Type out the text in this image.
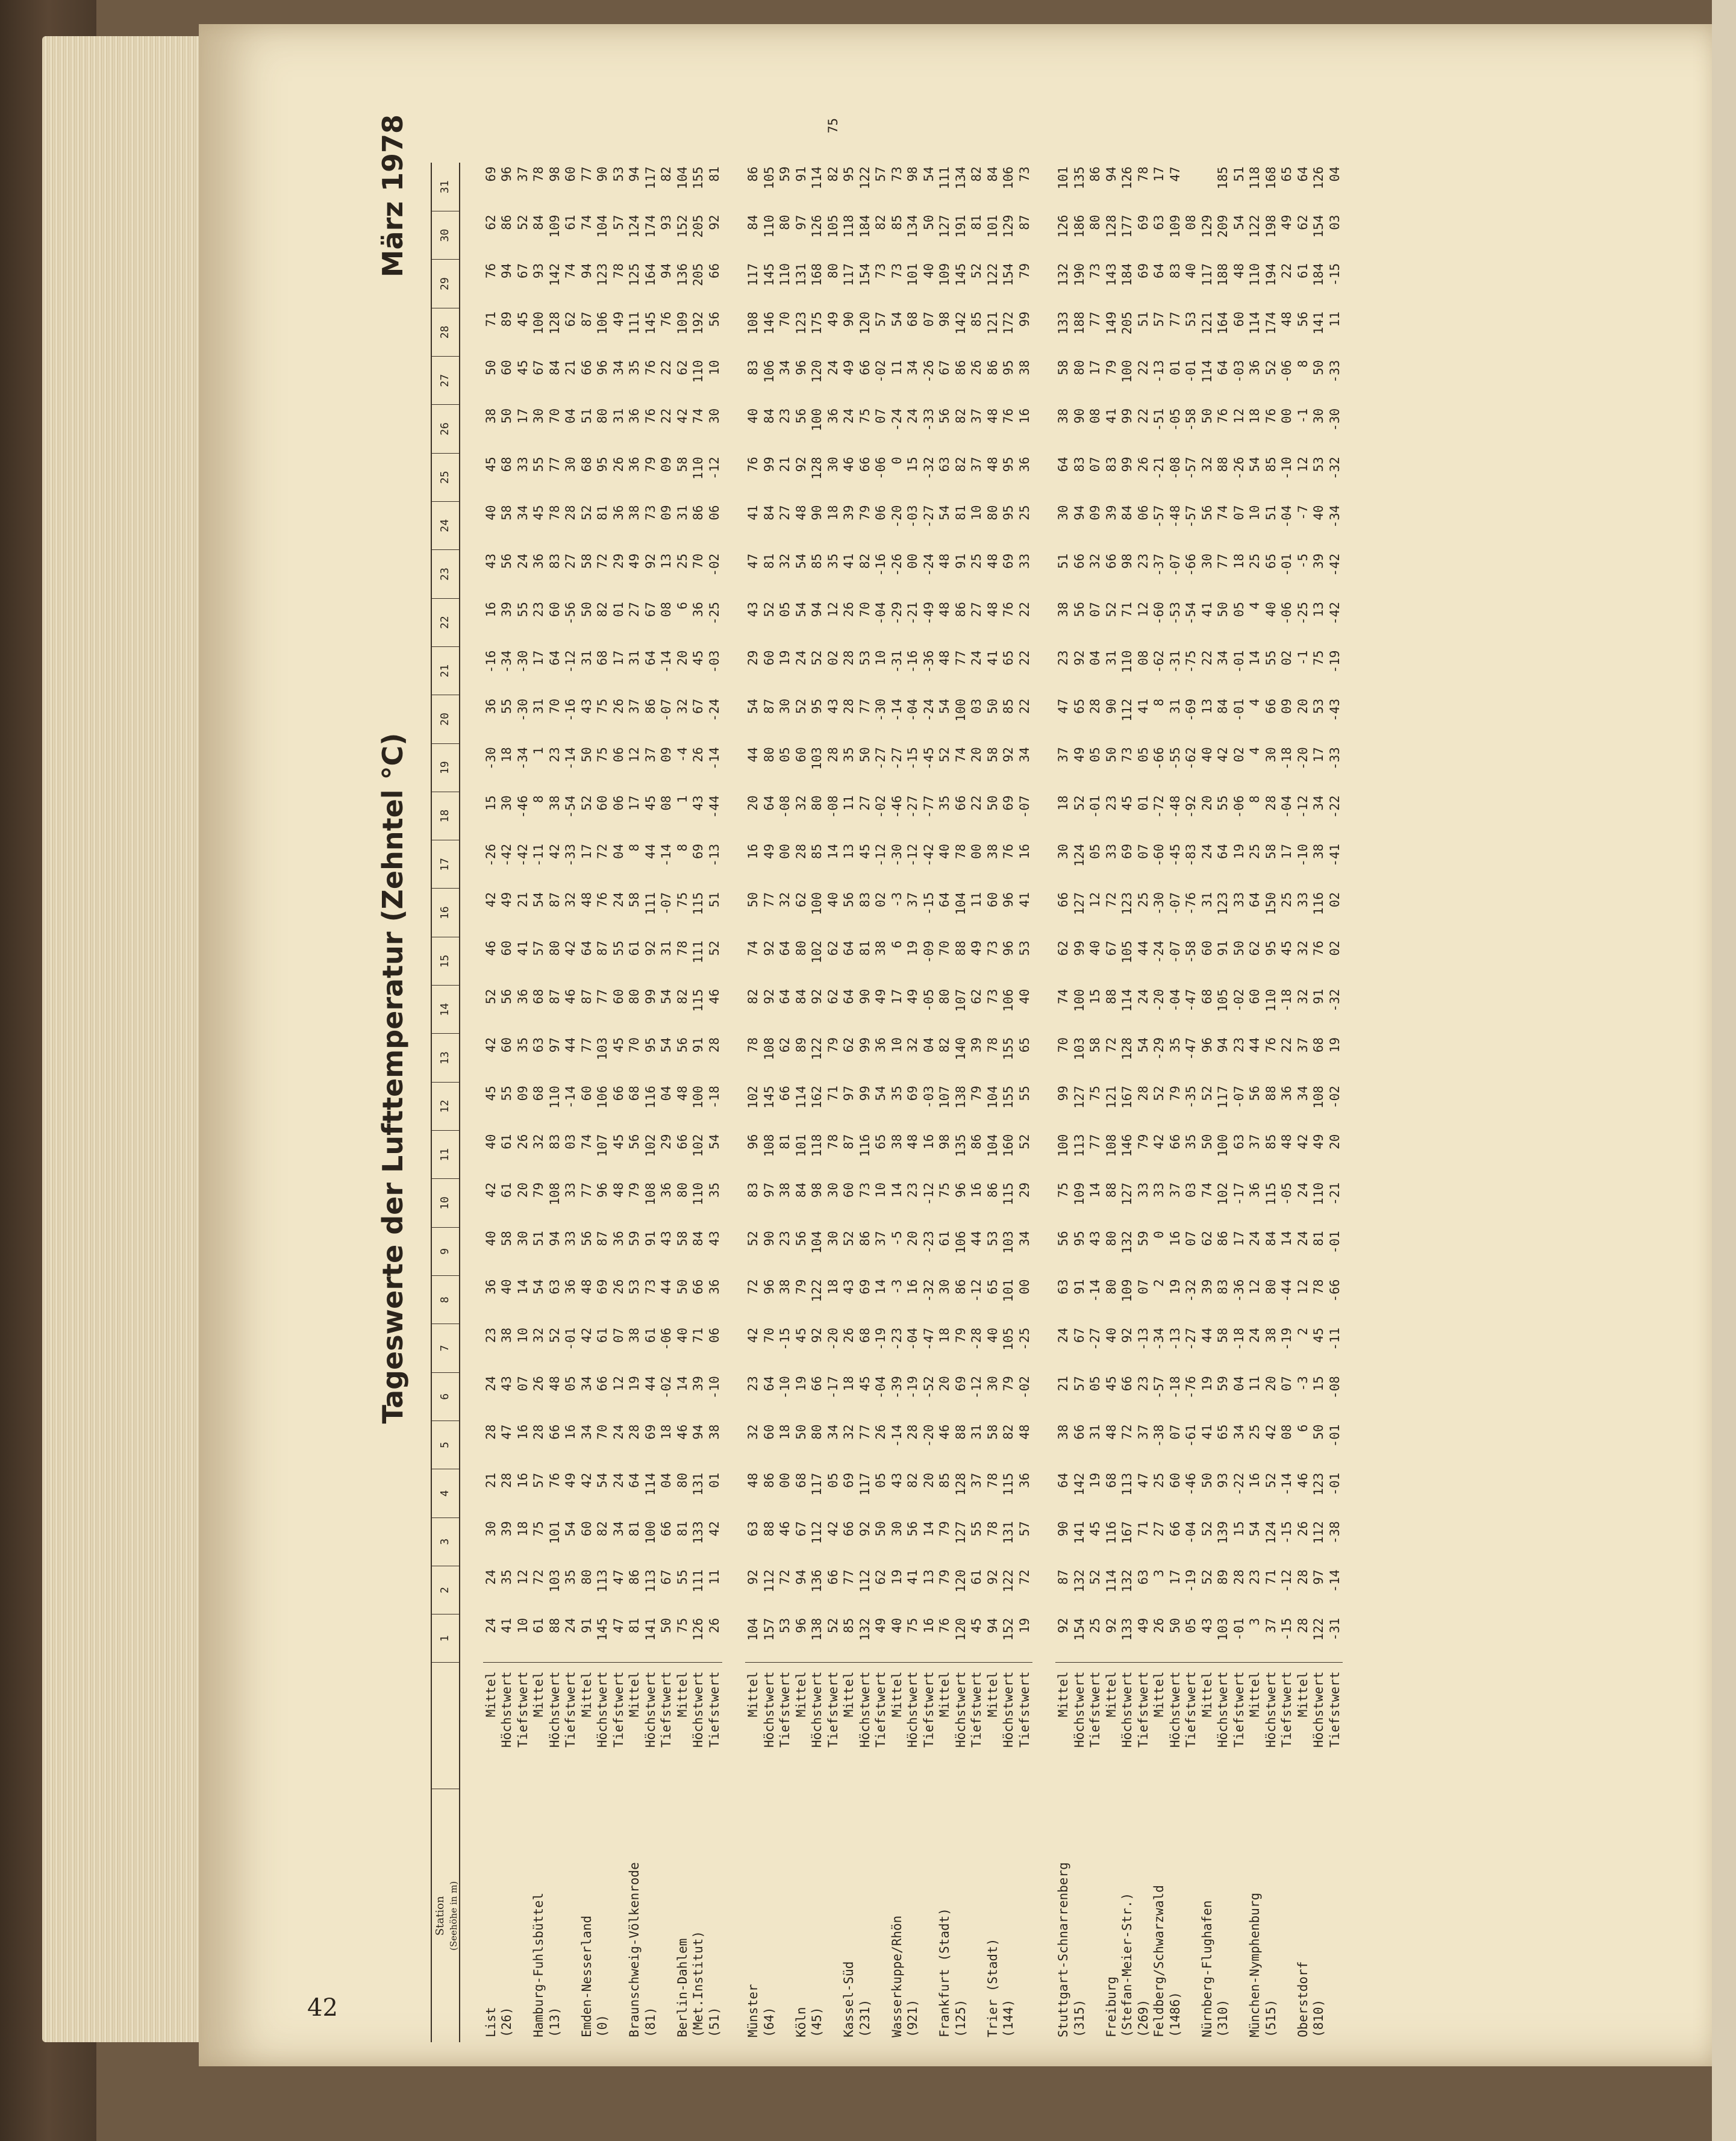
42
Tageswerte der Lufttemperatur (Zehntel °C)
März 1978
Station (Seehöhe in m)		1	2	3	4	5	6	7	8	9	10	11	12	13	14	15	16	17	18	19	20	21	22	23	24	25	26	27	28	29	30	31	

List	Mittel	24	24	30	21	28	24	23	36	40	42	40	45	42	52	46	42	-26	15	-30	36	-16	16	43	40	45	38	50	71	76	62	69	
(26)	Höchstwert	41	35	39	28	47	43	38	40	58	61	61	55	60	56	60	49	-42	30	18	55	-34	39	56	58	68	50	60	89	94	86	96	
	Tiefstwert	10	12	18	16	16	07	10	14	30	20	26	09	35	36	41	21	-42	-46	-34	-30	-30	55	24	34	33	17	45	45	67	52	37	
Hamburg-Fuhlsbüttel	Mittel	61	72	75	57	28	26	32	54	51	79	32	68	63	68	57	54	-11	8	1	31	17	23	36	45	55	30	67	100	93	84	78	
(13)	Höchstwert	88	103	101	76	66	48	52	63	94	108	83	110	97	87	80	87	42	38	23	70	64	60	83	78	77	70	84	128	142	109	98	
	Tiefstwert	24	35	54	49	16	05	-01	36	33	33	03	-14	44	46	42	32	-33	-54	-14	-16	-12	-56	27	28	30	04	21	62	74	61	60	
Emden-Nesserland	Mittel	91	80	60	42	34	34	42	48	56	77	74	60	77	87	64	48	17	52	50	43	31	50	58	52	68	51	66	87	94	74	77	
(0)	Höchstwert	145	113	82	54	70	66	61	69	87	96	107	106	103	77	87	76	72	60	75	75	68	82	72	81	95	80	96	106	123	104	90	
	Tiefstwert	47	47	34	24	24	12	07	26	36	48	45	66	45	60	55	24	04	06	06	26	17	01	29	36	26	31	34	49	78	57	53	
Braunschweig-Völkenrode	Mittel	81	86	81	64	28	19	38	53	59	79	56	68	70	80	61	58	8	17	12	37	31	27	49	38	36	36	35	111	125	124	94	
(81)	Höchstwert	141	113	100	114	69	44	61	73	91	108	102	116	95	99	92	111	44	45	37	86	64	67	92	73	79	76	76	145	164	174	117	
	Tiefstwert	50	67	66	04	18	-02	-06	44	43	36	29	04	54	54	31	-07	-14	08	09	-07	-14	08	13	09	09	22	22	76	94	93	82	
Berlin-Dahlem	Mittel	75	55	81	80	46	14	40	50	58	80	66	48	56	82	78	75	8	1	-4	32	20	6	25	31	58	42	62	109	136	152	104	
(Met.Institut)	Höchstwert	126	111	133	131	94	39	71	66	84	110	102	100	91	115	111	115	69	43	26	67	45	36	70	86	110	74	110	192	205	205	155	
(51)	Tiefstwert	26	11	42	01	38	-10	06	36	43	35	54	-18	28	46	52	51	-13	-44	-14	-24	-03	-25	-02	06	-12	30	10	56	66	92	81	

Münster	Mittel	104	92	63	48	32	23	42	72	52	83	96	102	78	82	74	50	16	20	44	54	29	43	47	41	76	40	83	108	117	84	86	
(64)	Höchstwert	157	112	88	86	60	64	70	96	90	97	108	145	108	92	92	77	49	64	80	87	60	52	81	84	99	84	106	146	145	110	105	
	Tiefstwert	53	72	46	00	18	-10	-15	38	23	38	81	66	62	64	64	32	00	-08	05	30	19	05	32	27	21	23	34	70	110	80	59	
Köln	Mittel	96	94	67	68	50	19	45	79	56	84	101	114	89	84	80	62	28	32	60	52	24	54	54	48	92	56	96	123	131	97	91	
(45)	Höchstwert	138	136	112	117	80	66	92	122	104	98	118	162	122	92	102	100	85	80	103	95	52	94	85	90	128	100	120	175	168	126	114	
	Tiefstwert	52	66	42	05	34	-17	-20	18	30	30	78	71	79	62	62	40	14	-08	28	43	02	12	35	18	30	36	24	49	80	105	82	75
Kassel-Süd	Mittel	85	77	66	69	32	18	26	43	52	60	87	97	62	64	64	56	13	11	35	28	28	26	41	39	46	24	49	90	117	118	95	
(231)	Höchstwert	132	112	92	117	77	45	68	69	86	73	116	99	99	90	81	83	45	27	50	77	53	70	82	79	66	75	66	120	154	184	122	
	Tiefstwert	49	62	50	05	26	-04	-19	14	37	10	65	54	36	49	38	02	-12	-02	-27	-30	10	-04	-16	06	-06	07	-02	57	73	82	57	
Wasserkuppe/Rhön	Mittel	40	19	30	43	-14	-39	-23	-3	-5	14	38	35	10	17	6	-3	-30	-46	-27	-14	-31	-29	-26	-20	0	-24	11	54	73	85	73	
(921)	Höchstwert	75	41	56	82	28	-19	-04	16	20	23	48	69	32	49	19	37	-12	-27	-15	-04	-16	-21	00	-03	15	24	34	68	101	134	98	
	Tiefstwert	16	13	14	20	-20	-52	-47	-32	-23	-12	16	-03	04	-05	-09	-15	-42	-77	-45	-24	-36	-49	-24	-27	-32	-33	-26	07	40	50	54	
Frankfurt (Stadt)	Mittel	76	79	79	85	46	20	18	30	61	75	98	107	82	80	70	64	40	35	52	54	48	48	48	54	63	56	67	98	109	127	111	
(125)	Höchstwert	120	120	127	128	88	69	79	86	106	96	135	138	140	107	88	104	78	66	74	100	77	86	91	81	82	82	86	142	145	191	134	
	Tiefstwert	45	61	55	37	31	-12	-28	-12	44	16	86	79	39	62	49	11	00	22	20	03	24	27	25	10	37	37	26	85	52	81	82	
Trier (Stadt)	Mittel	94	92	78	78	58	30	40	65	53	86	104	104	78	73	73	60	38	50	58	50	41	48	48	80	48	48	86	121	122	101	84	
(144)	Höchstwert	152	122	131	115	82	79	105	101	103	115	160	155	155	106	96	96	76	69	92	85	65	76	69	95	95	76	95	172	154	129	106	
	Tiefstwert	19	72	57	36	48	-02	-25	00	34	29	52	55	65	40	53	41	16	-07	34	22	22	22	33	25	36	16	38	99	79	87	73	

Stuttgart-Schnarrenberg	Mittel	92	87	90	64	38	21	24	63	56	75	100	99	70	74	62	66	30	18	37	47	23	38	51	30	64	38	58	133	132	126	101	
(315)	Höchstwert	154	132	141	142	66	57	67	91	95	109	113	127	103	100	99	127	124	52	49	65	92	56	66	94	83	90	80	188	190	186	135	
	Tiefstwert	25	52	45	19	31	05	-27	-14	43	14	77	75	58	15	40	12	05	-01	05	28	04	07	32	09	07	08	17	77	73	80	86	
Freiburg	Mittel	92	114	116	68	48	45	40	80	80	88	108	121	72	88	67	72	33	23	50	90	31	52	66	39	83	41	79	149	143	128	94	
(Stefan-Meier-Str.)	Höchstwert	133	132	167	113	72	66	92	109	132	127	146	167	128	114	105	123	69	45	73	112	110	71	98	84	99	99	100	205	184	177	126	
(269)	Tiefstwert	49	63	71	47	37	23	-13	07	59	33	79	28	54	24	44	25	07	01	05	41	08	12	23	06	26	22	22	51	69	69	78	
Feldberg/Schwarzwald	Mittel	26	3	27	25	-38	-57	-34	2	0	33	42	52	-29	-20	-24	-30	-60	-72	-66	8	-62	-60	-37	-57	-21	-51	-13	57	64	63	17	
(1486)	Höchstwert	50	17	66	60	07	-18	-13	19	16	37	66	79	35	-04	-07	-07	-45	-48	-55	31	-31	-53	-07	-48	-08	-05	01	77	83	109	47	
	Tiefstwert	05	-19	-04	-46	-61	-76	-27	-32	07	03	35	-35	-47	-47	-58	-76	-83	-92	-62	-69	-75	-54	-66	-57	-57	-58	-01	53	40	08		
Nürnberg-Flughafen	Mittel	43	52	52	50	41	19	44	39	62	74	50	52	96	68	60	31	24	20	40	13	22	41	30	56	32	50	114	121	117	129		
(310)	Höchstwert	103	89	139	93	65	59	58	83	86	102	100	117	94	105	91	123	64	55	42	84	34	50	77	74	88	76	64	164	188	209	185	
	Tiefstwert	-01	28	15	-22	34	04	-18	-36	17	-17	63	-07	23	-02	50	33	19	-06	02	-01	-01	05	18	07	-26	12	-03	60	48	54	51	
München-Nymphenburg	Mittel	3	23	54	16	25	11	24	12	24	36	37	56	44	60	62	64	25	8	4	4	14	4	25	10	54	18	36	114	110	122	118	
(515)	Höchstwert	37	71	124	52	42	20	38	80	84	115	85	88	76	110	95	150	58	28	30	66	55	40	65	51	85	76	52	174	194	198	168	
	Tiefstwert	-15	-12	-15	-14	08	07	-19	-44	14	-05	48	36	22	-18	45	25	17	-04	-18	09	02	-06	-01	-04	-10	00	-06	48	22	49	65	
Oberstdorf	Mittel	28	28	26	46	6	-3	2	12	24	24	42	34	37	32	32	33	-10	-12	-20	20	-1	-25	-5	-7	12	-1	8	56	61	62	64	
(810)	Höchstwert	122	97	112	123	50	15	45	78	81	110	49	108	68	91	76	116	38	34	17	53	75	13	39	40	53	30	50	141	184	154	126	
	Tiefstwert	-31	-14	-38	-01	-01	-08	-11	-66	-01	-21	20	-02	19	-32	02	02	-41	-22	-33	-43	-19	-42	-42	-34	-32	-30	-33	11	-15	03	04	
